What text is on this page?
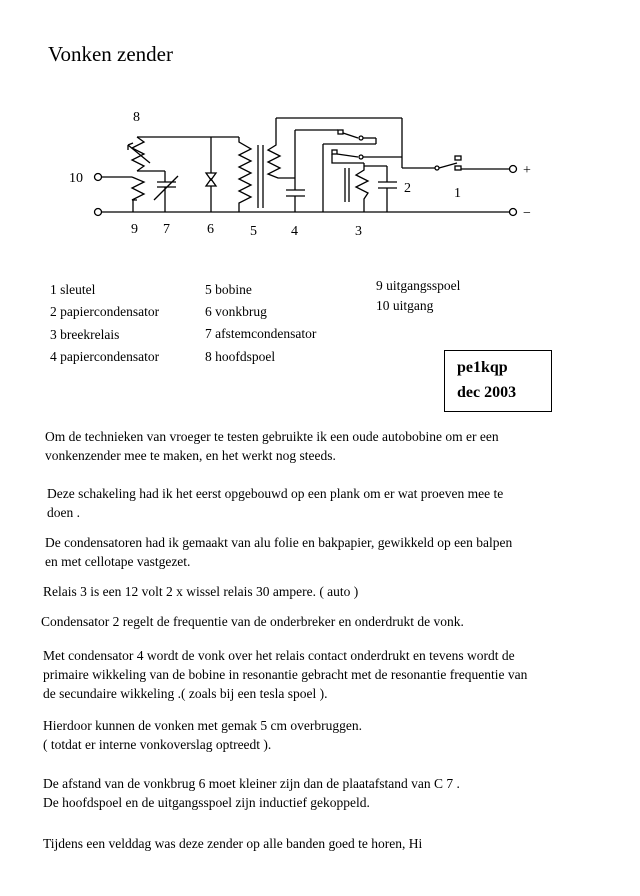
Vonken zender
8
10
9 7	6	5 4	3
2	1
+
−
1 sleutel
2 papiercondensator
3 breekrelais
4 papiercondensator
5 bobine
6 vonkbrug
7 afstemcondensator
8 hoofdspoel
9 uitgangsspoel
10 uitgang
pe1kqp
dec 2003
Om de technieken van vroeger te testen gebruikte ik een oude autobobine om er een
vonkenzender mee te maken, en het werkt nog steeds.
Deze schakeling had ik het eerst opgebouwd op een plank om er wat proeven mee te
doen .
De condensatoren had ik gemaakt van alu folie en bakpapier, gewikkeld op een balpen
en met cellotape vastgezet.
Relais 3 is een 12 volt 2 x wissel relais 30 ampere. ( auto )
Condensator 2 regelt de frequentie van de onderbreker en onderdrukt de vonk.
Met condensator 4 wordt de vonk over het relais contact onderdrukt en tevens wordt de
primaire wikkeling van de bobine in resonantie gebracht met de resonantie frequentie van
de secundaire wikkeling .( zoals bij een tesla spoel ).
Hierdoor kunnen de vonken met gemak 5 cm overbruggen.
( totdat er interne vonkoverslag optreedt ).
De afstand van de vonkbrug 6 moet kleiner zijn dan de plaatafstand van C 7 .
De hoofdspoel en de uitgangsspoel zijn inductief gekoppeld.
Tijdens een velddag was deze zender op alle banden goed te horen, Hi
